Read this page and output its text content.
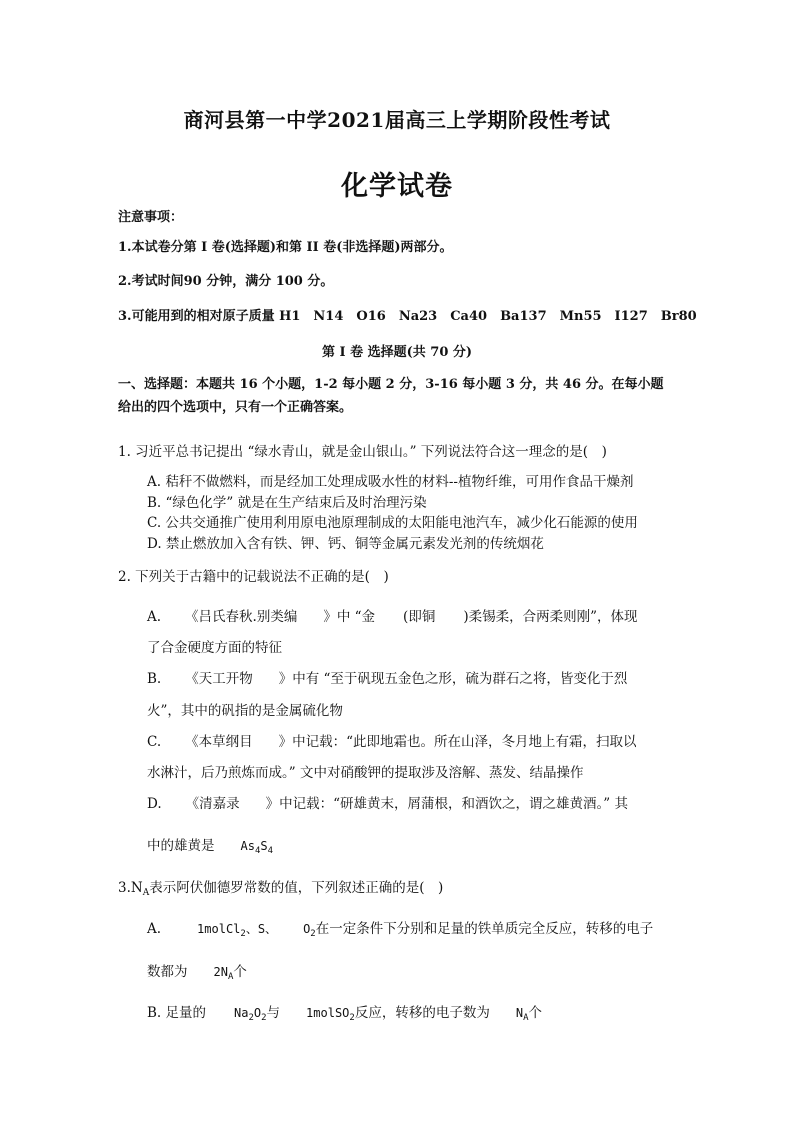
商河县第一中学2021届高三上学期阶段性考试
化学试卷
注意事项：
1.本试卷分第 I 卷(选择题)和第 II 卷(非选择题)两部分。
2.考试时间90 分钟，满分 100 分。
3.可能用到的相对原子质量 H1　N14　O16　Na23　Ca40　Ba137　Mn55　I127　Br80
第 I 卷 选择题(共 70 分)
一、选择题：本题共 16 个小题，1-2 每小题 2 分，3-16 每小题 3 分，共 46 分。在每小题
给出的四个选项中，只有一个正确答案。
1. 习近平总书记提出 “绿水青山，就是金山银山。” 下列说法符合这一理念的是(　)
A. 秸秆不做燃料，而是经加工处理成吸水性的材料--植物纤维，可用作食品干燥剂
B. “绿色化学” 就是在生产结束后及时治理污染
C. 公共交通推广使用利用原电池原理制成的太阳能电池汽车，减少化石能源的使用
D. 禁止燃放加入含有铁、钾、钙、铜等金属元素发光剂的传统烟花
2. 下列关于古籍中的记载说法不正确的是(　)
A. 《吕氏春秋.别类编 》中 “金 (即铜 )柔锡柔，合两柔则刚”，体现
了合金硬度方面的特征
B. 《天工开物 》中有 “至于矾现五金色之形，硫为群石之将，皆变化于烈
火”，其中的矾指的是金属硫化物
C. 《本草纲目 》中记载：“此即地霜也。所在山泽，冬月地上有霜，扫取以
水淋汁，后乃煎炼而成。” 文中对硝酸钾的提取涉及溶解、蒸发、结晶操作
D. 《清嘉录 》中记载：“研雄黄末，屑蒲根，和酒饮之，谓之雄黄酒。” 其
中的雄黄是 $As_4S_4$
$3.N_A$表示阿伏伽德罗常数的值，下列叙述正确的是(　)
A.	1molCl$_2$、S、 $O_2$在一定条件下分别和足量的铁单质完全反应，转移的电子
数都为 $2N_A$个
B. 足量的 $Na_2O_2$与 1molSO$_2$反应，转移的电子数为 $N_A$个
